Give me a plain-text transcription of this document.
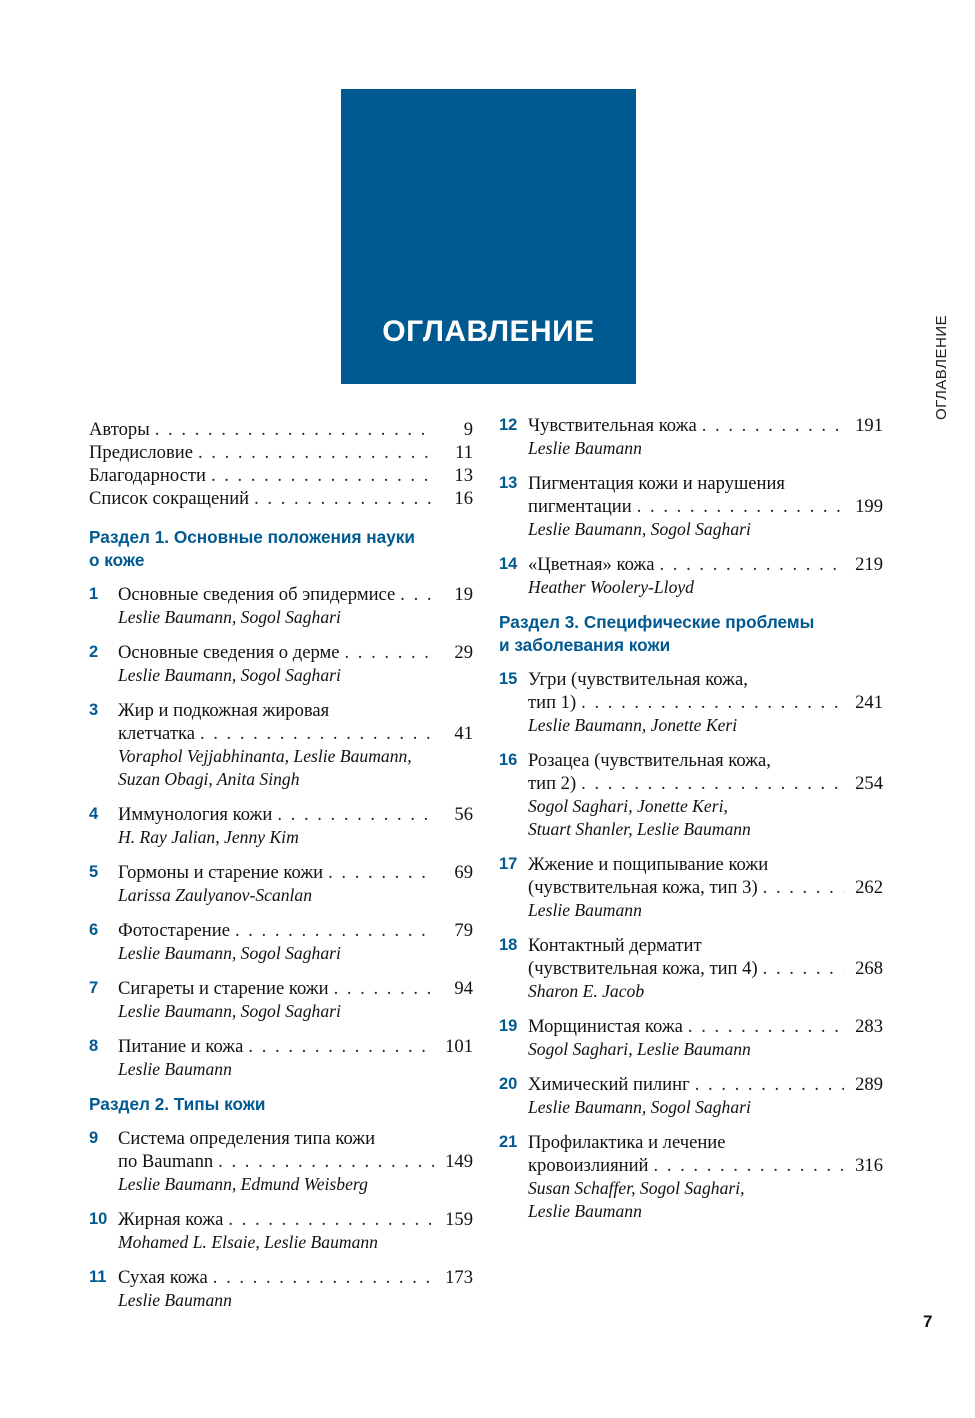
ОГЛАВЛЕНИЕ	ОГЛАВЛЕНИЕ
7
Авторы . . .	9
Предисловие . . .	11
Благодарности . . .	13
Список сокращений . . .	16
Раздел 1. Основные положения науки
о коже
1	Основные сведения об эпидермисе . . .	19
Leslie Baumann, Sogol Saghari
2	Основные сведения о дерме . . .	29
Leslie Baumann, Sogol Saghari
3	Жир и подкожная жировая
клетчатка . . .	41
Voraphol Vejjabhinanta, Leslie Baumann,
Suzan Obagi, Anita Singh
4	Иммунология кожи . . .	56
H. Ray Jalian, Jenny Kim
5	Гормоны и старение кожи . . .	69
Larissa Zaulyanov-Scanlan
6	Фотостарение . . .	79
Leslie Baumann, Sogol Saghari
7	Сигареты и старение кожи . . .	94
Leslie Baumann, Sogol Saghari
8	Питание и кожа . . .	101
Leslie Baumann
Раздел 2. Типы кожи
9	Система определения типа кожи
по Baumann . . .	149
Leslie Baumann, Edmund Weisberg
10 Жирная кожа . . .	159
Mohamed L. Elsaie, Leslie Baumann
11 Сухая кожа . . .	173
Leslie Baumann
12 Чувствительная кожа . . .	191
Leslie Baumann
13 Пигментация кожи и нарушения
пигментации . . .	199
Leslie Baumann, Sogol Saghari
14 «Цветная» кожа . . .	219
Heather Woolery-Lloyd
Раздел 3. Специфические проблемы
и заболевания кожи
15 Угри (чувствительная кожа,
тип 1) . . .	241
Leslie Baumann, Jonette Keri
16 Розацеа (чувствительная кожа,
тип 2) . . .	254
Sogol Saghari, Jonette Keri,
Stuart Shanler, Leslie Baumann
17 Жжение и пощипывание кожи
(чувствительная кожа, тип 3) . . .	262
Leslie Baumann
18 Контактный дерматит
(чувствительная кожа, тип 4) . . .	268
Sharon E. Jacob
19 Морщинистая кожа . . .	283
Sogol Saghari, Leslie Baumann
20 Химический пилинг . . .	289
Leslie Baumann, Sogol Saghari
21 Профилактика и лечение
кровоизлияний . . .	316
Susan Schaffer, Sogol Saghari,
Leslie Baumann
